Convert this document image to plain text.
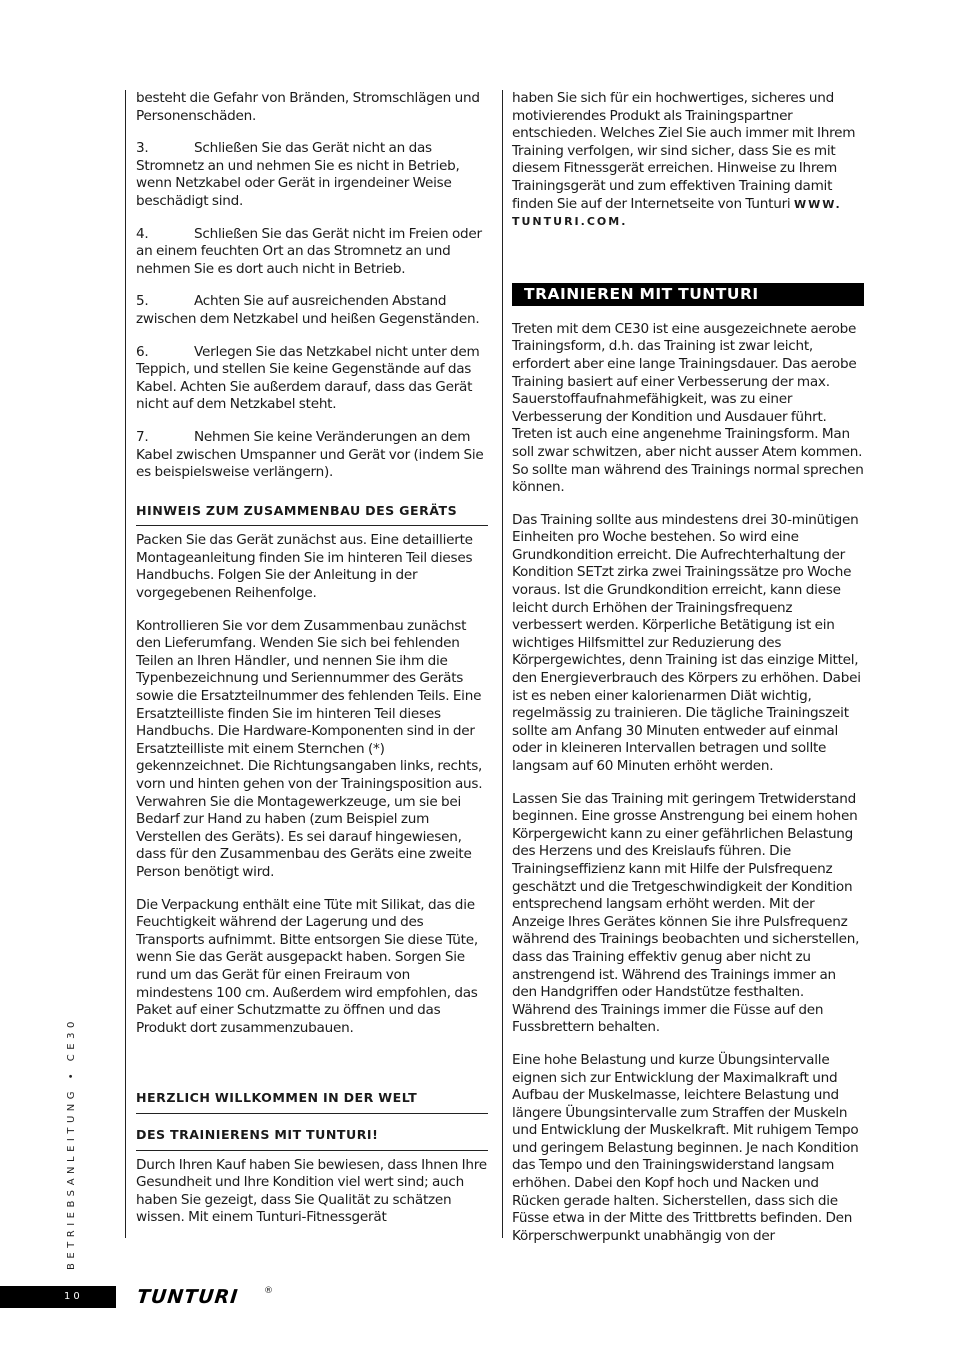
besteht die Gefahr von Bränden, Stromschlägen und Personenschäden.

3.	Schließen Sie das Gerät nicht an das Stromnetz an und nehmen Sie es nicht in Betrieb, wenn Netzkabel oder Gerät in irgendeiner Weise beschädigt sind.
4.	Schließen Sie das Gerät nicht im Freien oder an einem feuchten Ort an das Stromnetz an und nehmen Sie es dort auch nicht in Betrieb.
5.	Achten Sie auf ausreichenden Abstand zwischen dem Netzkabel und heißen Gegenständen.
6.	Verlegen Sie das Netzkabel nicht unter dem Teppich, und stellen Sie keine Gegenstände auf das Kabel. Achten Sie außerdem darauf, dass das Gerät nicht auf dem Netzkabel steht.
7.	Nehmen Sie keine Veränderungen an dem Kabel zwischen Umspanner und Gerät vor (indem Sie es beispielsweise verlängern).
HINWEIS ZUM ZUSAMMENBAU DES GERÄTS

Packen Sie das Gerät zunächst aus. Eine detaillierte Montageanleitung finden Sie im hinteren Teil dieses Handbuchs. Folgen Sie der Anleitung in der vorgegebenen Reihenfolge.

Kontrollieren Sie vor dem Zusammenbau zunächst den Lieferumfang. Wenden Sie sich bei fehlenden Teilen an Ihren Händler, und nennen Sie ihm die Typenbezeichnung und Seriennummer des Geräts sowie die Ersatzteilnummer des fehlenden Teils. Eine Ersatzteilliste finden Sie im hinteren Teil dieses Handbuchs. Die Hardware-Komponenten sind in der Ersatzteilliste mit einem Sternchen (*) gekennzeichnet. Die Richtungsangaben links, rechts, vorn und hinten gehen von der Trainingsposition aus. Verwahren Sie die Montagewerkzeuge, um sie bei Bedarf zur Hand zu haben (zum Beispiel zum Verstellen des Geräts). Es sei darauf hingewiesen, dass für den Zusammenbau des Geräts eine zweite Person benötigt wird.

Die Verpackung enthält eine Tüte mit Silikat, das die Feuchtigkeit während der Lagerung und des Transports aufnimmt. Bitte entsorgen Sie diese Tüte, wenn Sie das Gerät ausgepackt haben. Sorgen Sie rund um das Gerät für einen Freiraum von mindestens 100 cm. Außerdem wird empfohlen, das Paket auf einer Schutzmatte zu öffnen und das Produkt dort zusammenzubauen.

HERZLICH WILLKOMMEN IN DER WELT
DES TRAINIERENS MIT TUNTURI!

Durch Ihren Kauf haben Sie bewiesen, dass Ihnen Ihre Gesundheit und Ihre Kondition viel wert sind; auch haben Sie gezeigt, dass Sie Qualität zu schätzen wissen. Mit einem Tunturi-Fitnessgerät

haben Sie sich für ein hochwertiges, sicheres und motivierendes Produkt als Trainingspartner entschieden. Welches Ziel Sie auch immer mit Ihrem Training verfolgen, wir sind sicher, dass Sie es mit diesem Fitnessgerät erreichen. Hinweise zu Ihrem Trainingsgerät und zum effektiven Training damit finden Sie auf der Internetseite von Tunturi WWW. TUNTURI.COM.

TRAINIEREN MIT TUNTURI

Treten mit dem CE30 ist eine ausgezeichnete aerobe Trainingsform, d.h. das Training ist zwar leicht, erfordert aber eine lange Trainingsdauer. Das aerobe Training basiert auf einer Verbesserung der max. Sauerstoffaufnahmefähigkeit, was zu einer Verbesserung der Kondition und Ausdauer führt. Treten ist auch eine angenehme Trainingsform. Man soll zwar schwitzen, aber nicht ausser Atem kommen. So sollte man während des Trainings normal sprechen können.

Das Training sollte aus mindestens drei 30-minütigen Einheiten pro Woche bestehen. So wird eine Grundkondition erreicht. Die Aufrechterhaltung der Kondition SETzt zirka zwei Trainingssätze pro Woche voraus. Ist die Grundkondition erreicht, kann diese leicht durch Erhöhen der Trainingsfrequenz verbessert werden. Körperliche Betätigung ist ein wichtiges Hilfsmittel zur Reduzierung des Körpergewichtes, denn Training ist das einzige Mittel, den Energieverbrauch des Körpers zu erhöhen. Dabei ist es neben einer kalorienarmen Diät wichtig, regelmässig zu trainieren. Die tägliche Trainingszeit sollte am Anfang 30 Minuten entweder auf einmal oder in kleineren Intervallen betragen und sollte langsam auf 60 Minuten erhöht werden.

Lassen Sie das Training mit geringem Tretwiderstand beginnen. Eine grosse Anstrengung bei einem hohen Körpergewicht kann zu einer gefährlichen Belastung des Herzens und des Kreislaufs führen. Die Trainingseffizienz kann mit Hilfe der Pulsfrequenz geschätzt und die Tretgeschwindigkeit der Kondition entsprechend langsam erhöht werden. Mit der Anzeige Ihres Gerätes können Sie ihre Pulsfrequenz während des Trainings beobachten und sicherstellen, dass das Training effektiv genug aber nicht zu anstrengend ist. Während des Trainings immer an den Handgriffen oder Handstütze festhalten. Während des Trainings immer die Füsse auf den Fussbrettern behalten.

Eine hohe Belastung und kurze Übungsintervalle eignen sich zur Entwicklung der Maximalkraft und Aufbau der Muskelmasse, leichtere Belastung und längere Übungsintervalle zum Straffen der Muskeln und Entwicklung der Muskelkraft. Mit ruhigem Tempo und geringem Belastung beginnen. Je nach Kondition das Tempo und den Trainingswiderstand langsam erhöhen. Dabei den Kopf hoch und Nacken und Rücken gerade halten. Sicherstellen, dass sich die Füsse etwa in der Mitte des Trittbretts befinden. Den Körperschwerpunkt unabhängig von der

BETRIEBSANLEITUNG • CE30
10	TUNTURI	®
